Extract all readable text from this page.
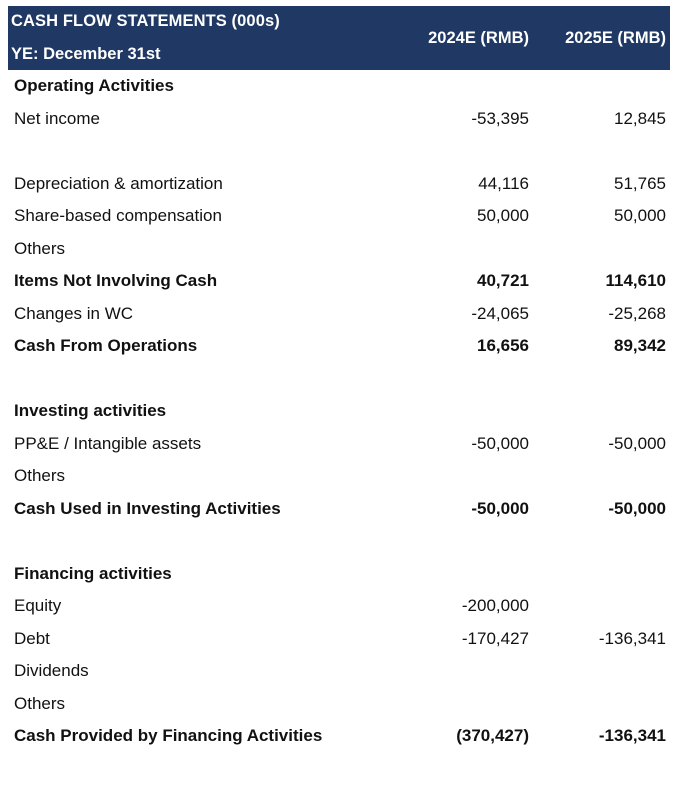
CASH FLOW STATEMENTS (000s)
YE: December 31st
2024E (RMB) 2025E (RMB)
Operating Activities
Net income	-53,395	12,845
Depreciation & amortization	44,116	51,765
Share-based compensation	50,000	50,000
Others
Items Not Involving Cash	40,721	114,610
Changes in WC	-24,065	-25,268
Cash From Operations	16,656	89,342
Investing activities
PP&E / Intangible assets	-50,000	-50,000
Others
Cash Used in Investing Activities	-50,000	-50,000
Financing activities
Equity	-200,000
Debt	-170,427	-136,341
Dividends
Others
Cash Provided by Financing Activities	(370,427)	-136,341
